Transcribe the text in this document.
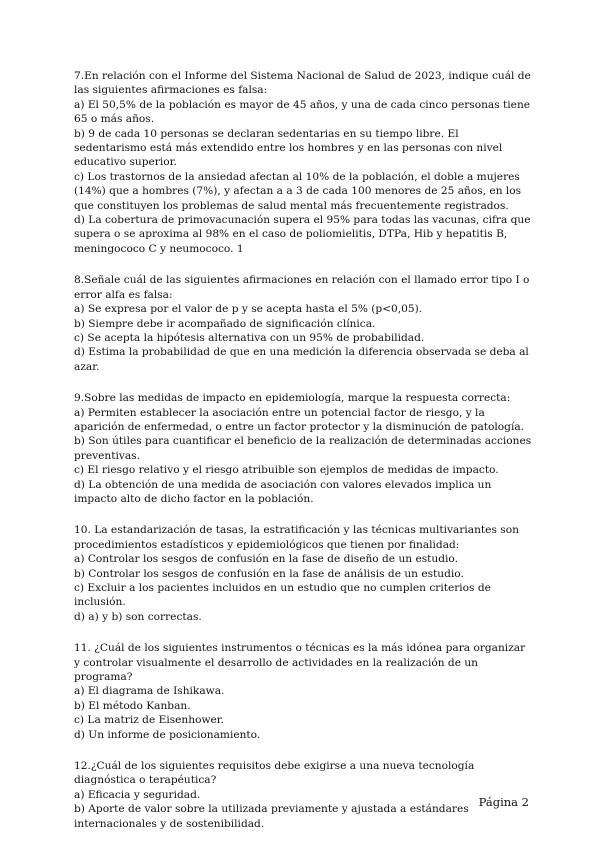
7.En relación con el Informe del Sistema Nacional de Salud de 2023, indique cuál de las siguientes afirmaciones es falsa:

a) El 50,5% de la población es mayor de 45 años, y una de cada cinco personas tiene 65 o más años.

b) 9 de cada 10 personas se declaran sedentarias en su tiempo libre. El sedentarismo está más extendido entre los hombres y en las personas con nivel educativo superior.

c) Los trastornos de la ansiedad afectan al 10% de la población, el doble a mujeres (14%) que a hombres (7%), y afectan a a 3 de cada 100 menores de 25 años, en los que constituyen los problemas de salud mental más frecuentemente registrados.

d) La cobertura de primovacunación supera el 95% para todas las vacunas, cifra que supera o se aproxima al 98% en el caso de poliomielitis, DTPa, Hib y hepatitis B, meningococo C y neumococo. 1

8.Señale cuál de las siguientes afirmaciones en relación con el llamado error tipo I o error alfa es falsa:

a) Se expresa por el valor de p y se acepta hasta el 5% (p<0,05).

b) Siempre debe ir acompañado de significación clínica.

c) Se acepta la hipótesis alternativa con un 95% de probabilidad.

d) Estima la probabilidad de que en una medición la diferencia observada se deba al azar.

9.Sobre las medidas de impacto en epidemiología, marque la respuesta correcta:

a) Permiten establecer la asociación entre un potencial factor de riesgo, y la aparición de enfermedad, o entre un factor protector y la disminución de patología.

b) Son útiles para cuantificar el beneficio de la realización de determinadas acciones preventivas.

c) El riesgo relativo y el riesgo atribuible son ejemplos de medidas de impacto.

d) La obtención de una medida de asociación con valores elevados implica un impacto alto de dicho factor en la población.

10. La estandarización de tasas, la estratificación y las técnicas multivariantes son procedimientos estadísticos y epidemiológicos que tienen por finalidad:

a) Controlar los sesgos de confusión en la fase de diseño de un estudio.

b) Controlar los sesgos de confusión en la fase de análisis de un estudio.

c) Excluir a los pacientes incluidos en un estudio que no cumplen criterios de inclusión.

d) a) y b) son correctas.

11. ¿Cuál de los siguientes instrumentos o técnicas es la más idónea para organizar y controlar visualmente el desarrollo de actividades en la realización de un programa?

a) El diagrama de Ishikawa.

b) El método Kanban.

c) La matriz de Eisenhower.

d) Un informe de posicionamiento.

12.¿Cuál de los siguientes requisitos debe exigirse a una nueva tecnología diagnóstica o terapéutica?

a) Eficacia y seguridad.

b) Aporte de valor sobre la utilizada previamente y ajustada a estándares internacionales y de sostenibilidad.

Página 2
